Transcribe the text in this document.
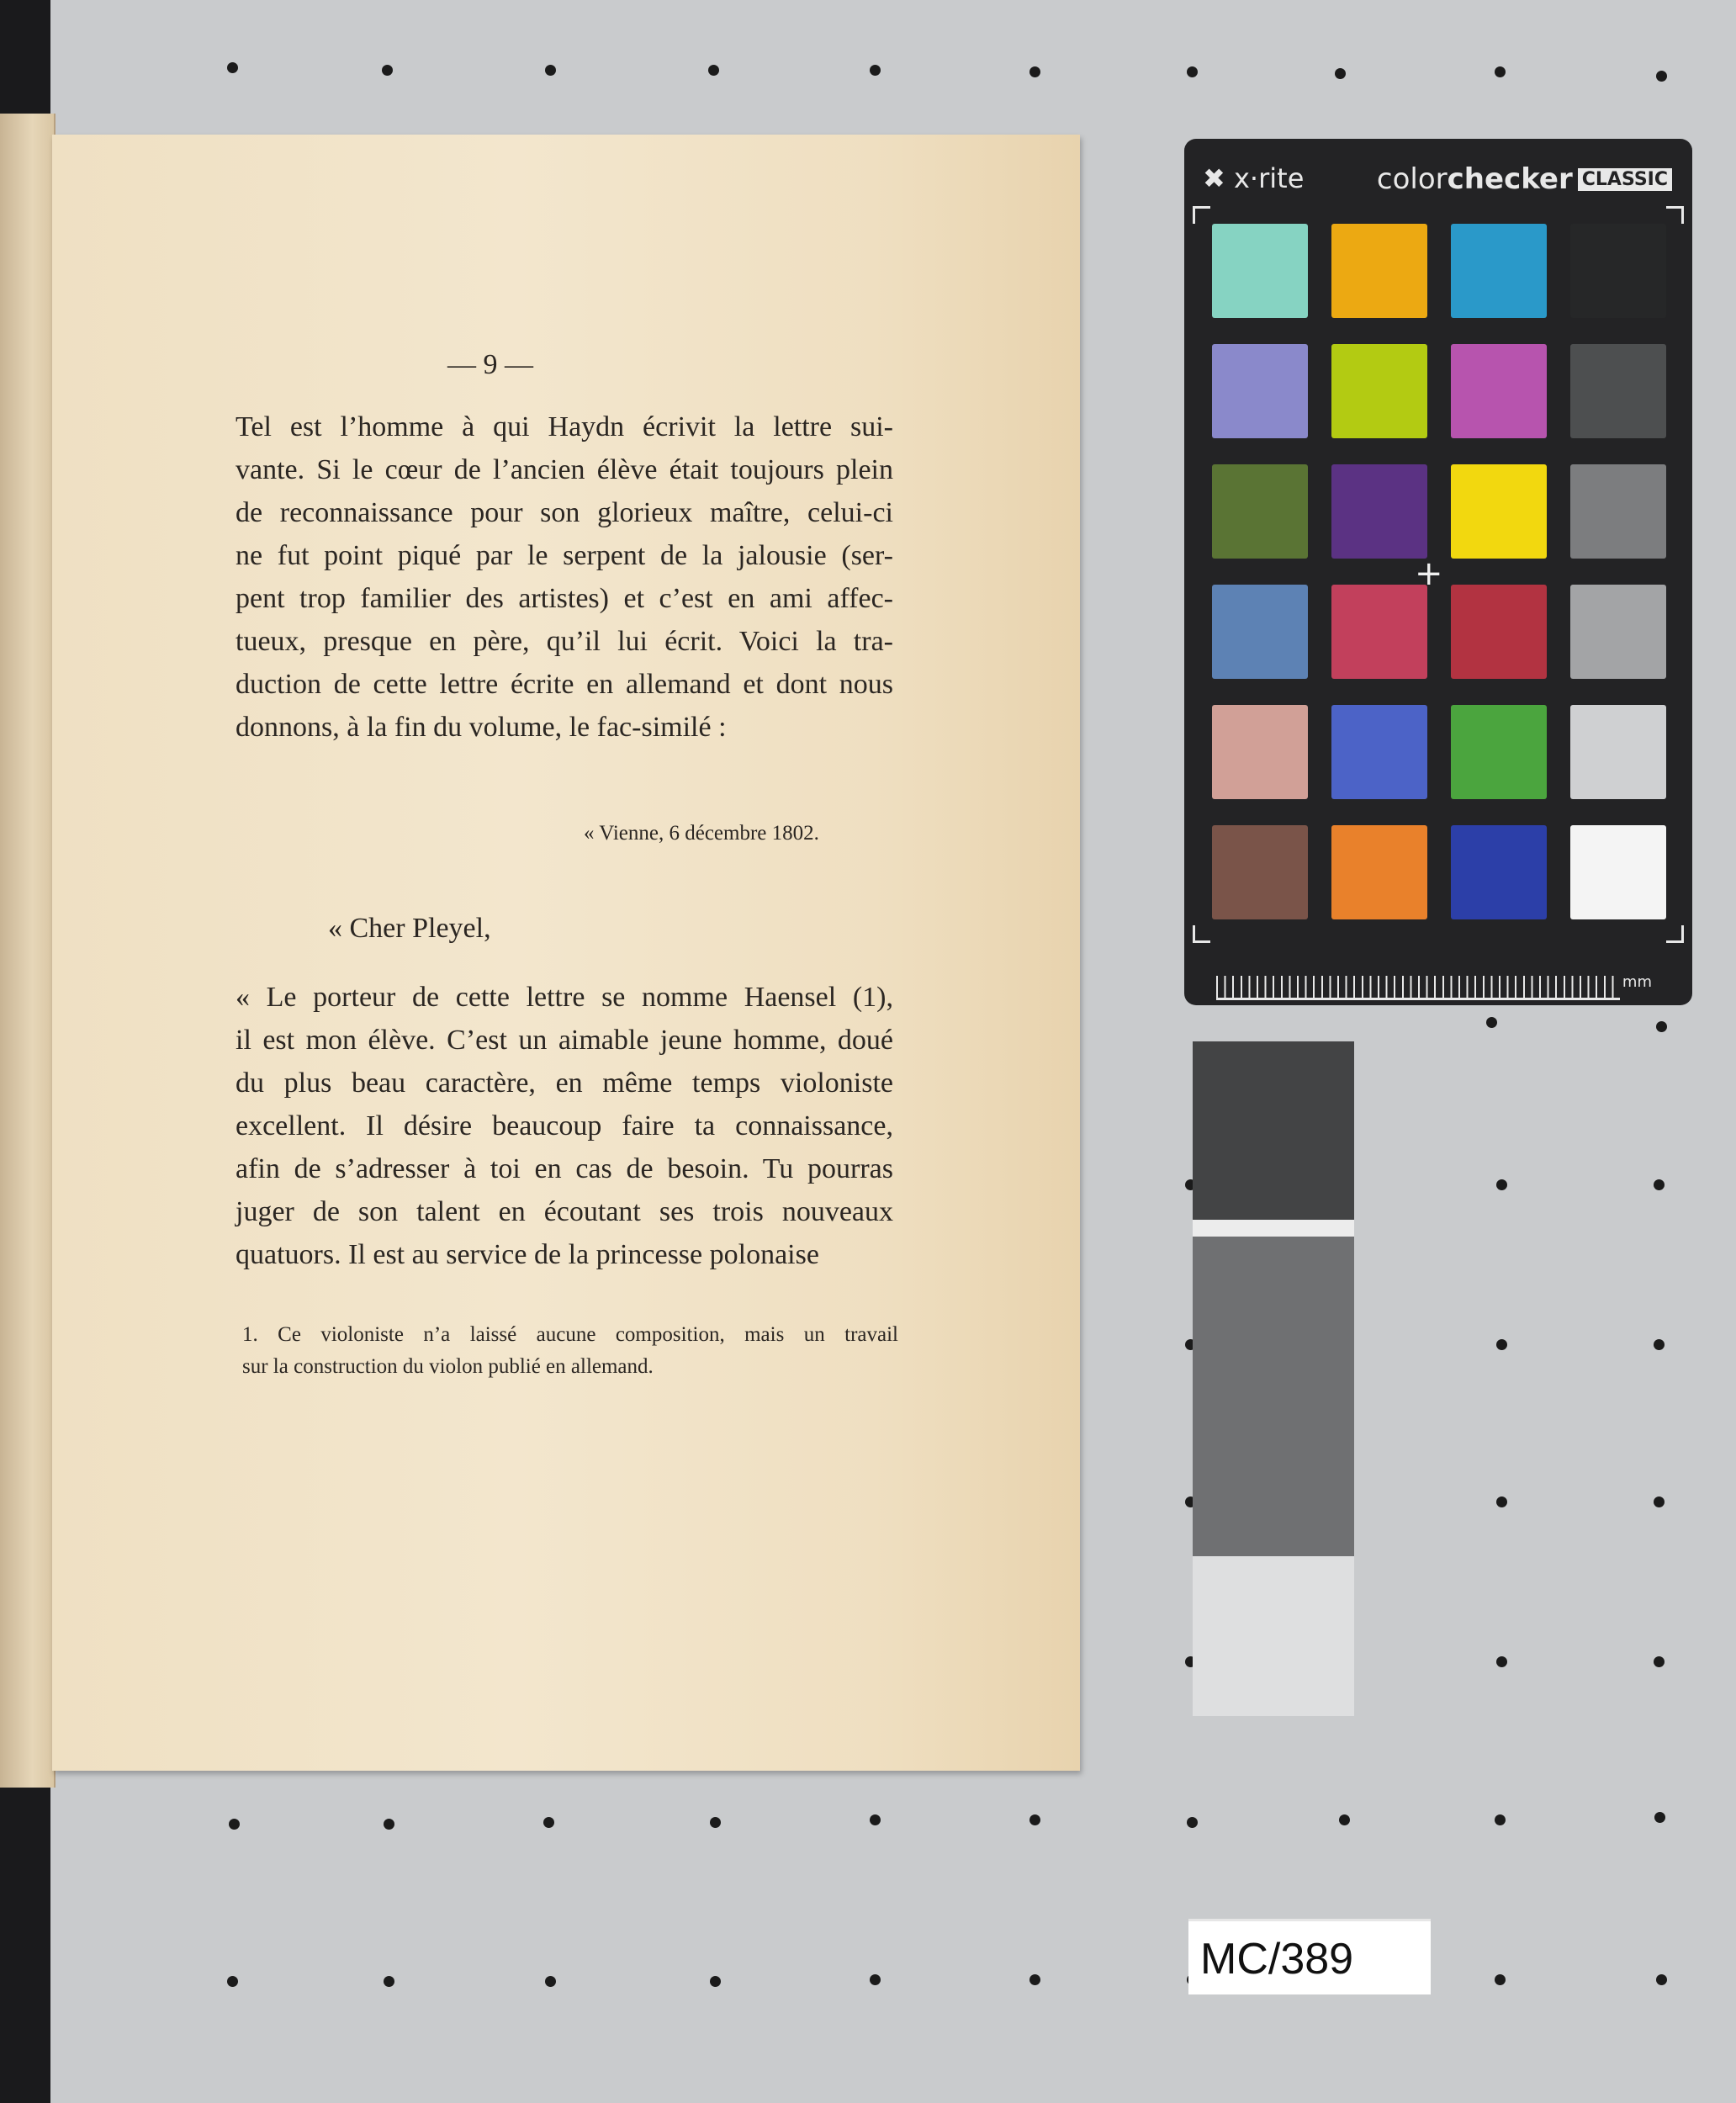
— 9 —
Tel est l’homme à qui Haydn écrivit la lettre sui-
vante. Si le cœur de l’ancien élève était toujours plein
de reconnaissance pour son glorieux maître, celui-ci
ne fut point piqué par le serpent de la jalousie (ser-
pent trop familier des artistes) et c’est en ami affec-
tueux, presque en père, qu’il lui écrit. Voici la tra-
duction de cette lettre écrite en allemand et dont nous
donnons, à la fin du volume, le fac-similé :
« Vienne, 6 décembre 1802.
« Cher Pleyel,
« Le porteur de cette lettre se nomme Haensel (1),
il est mon élève. C’est un aimable jeune homme, doué
du plus beau caractère, en même temps violoniste
excellent. Il désire beaucoup faire ta connaissance,
afin de s’adresser à toi en cas de besoin. Tu pourras
juger de son talent en écoutant ses trois nouveaux
quatuors. Il est au service de la princesse polonaise
1. Ce violoniste n’a laissé aucune composition, mais un travail
sur la construction du violon publié en allemand.
✖ x·rite	colorchecker CLASSIC
+
mm
MC/389
